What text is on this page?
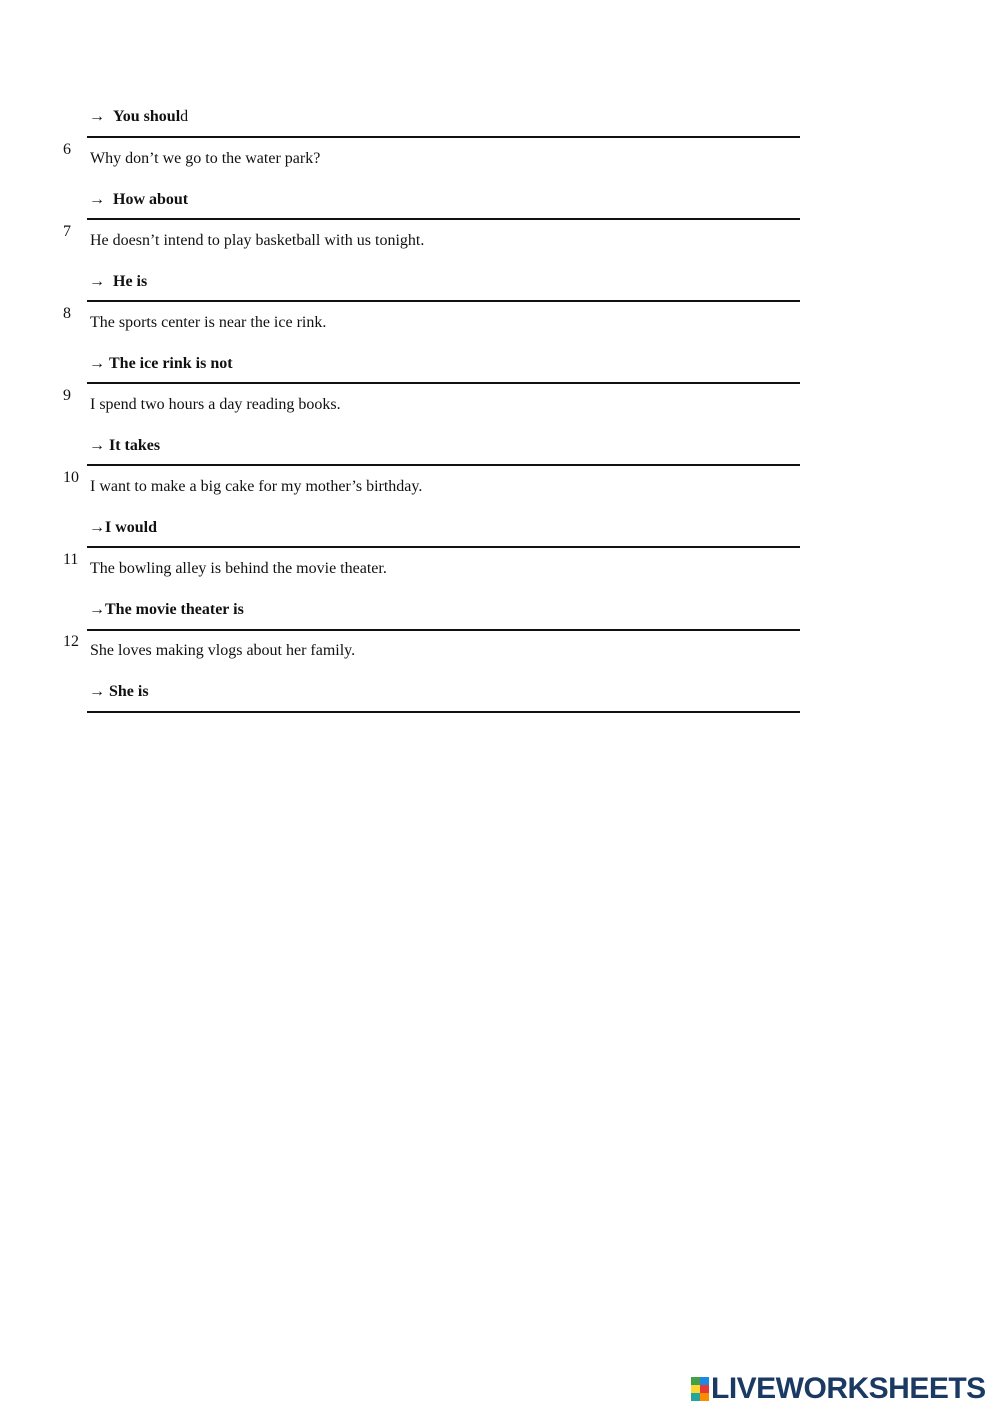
→ You should
6
Why don’t we go to the water park?
→ How about
7
He doesn’t intend to play basketball with us tonight.
→ He is
8
The sports center is near the ice rink.
→ The ice rink is not
9
I spend two hours a day reading books.
→ It takes
10
I want to make a big cake for my mother’s birthday.
→I would
11
The bowling alley is behind the movie theater.
→The movie theater is
12
She loves making vlogs about her family.
→ She is
LIVEWORKSHEETS
